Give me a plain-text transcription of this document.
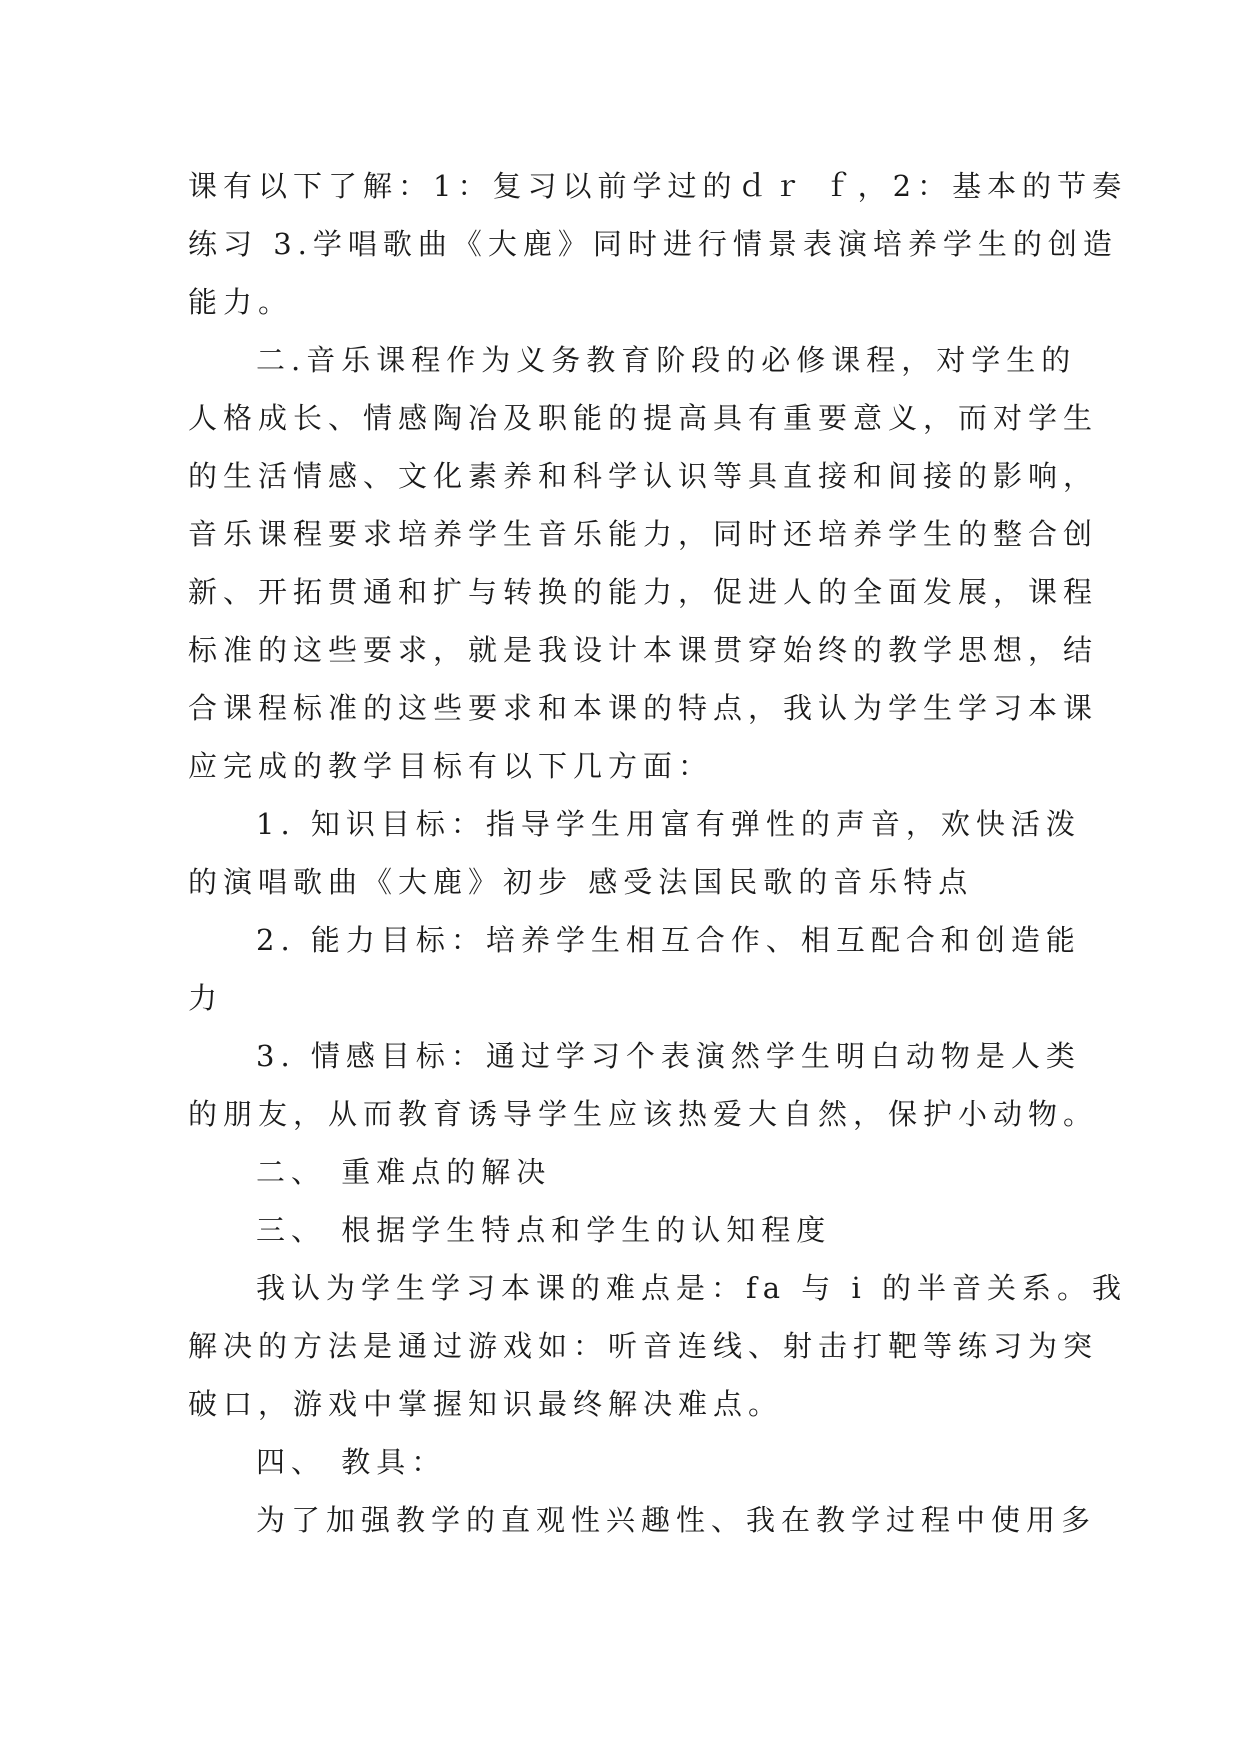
课有以下了解：1：复习以前学过的ｄｒ ｆ，2：基本的节奏
练习 3.学唱歌曲《大鹿》同时进行情景表演培养学生的创造
能力。
二.音乐课程作为义务教育阶段的必修课程，对学生的
人格成长、情感陶冶及职能的提高具有重要意义，而对学生
的生活情感、文化素养和科学认识等具直接和间接的影响，
音乐课程要求培养学生音乐能力，同时还培养学生的整合创
新、开拓贯通和扩与转换的能力，促进人的全面发展，课程
标准的这些要求，就是我设计本课贯穿始终的教学思想，结
合课程标准的这些要求和本课的特点，我认为学生学习本课
应完成的教学目标有以下几方面：
1. 知识目标：指导学生用富有弹性的声音，欢快活泼
的演唱歌曲《大鹿》初步 感受法国民歌的音乐特点
2. 能力目标：培养学生相互合作、相互配合和创造能
力
3. 情感目标：通过学习个表演然学生明白动物是人类
的朋友，从而教育诱导学生应该热爱大自然，保护小动物。
二、 重难点的解决
三、 根据学生特点和学生的认知程度
我认为学生学习本课的难点是：fa 与 i 的半音关系。我
解决的方法是通过游戏如：听音连线、射击打靶等练习为突
破口，游戏中掌握知识最终解决难点。
四、 教具：
为了加强教学的直观性兴趣性、我在教学过程中使用多
